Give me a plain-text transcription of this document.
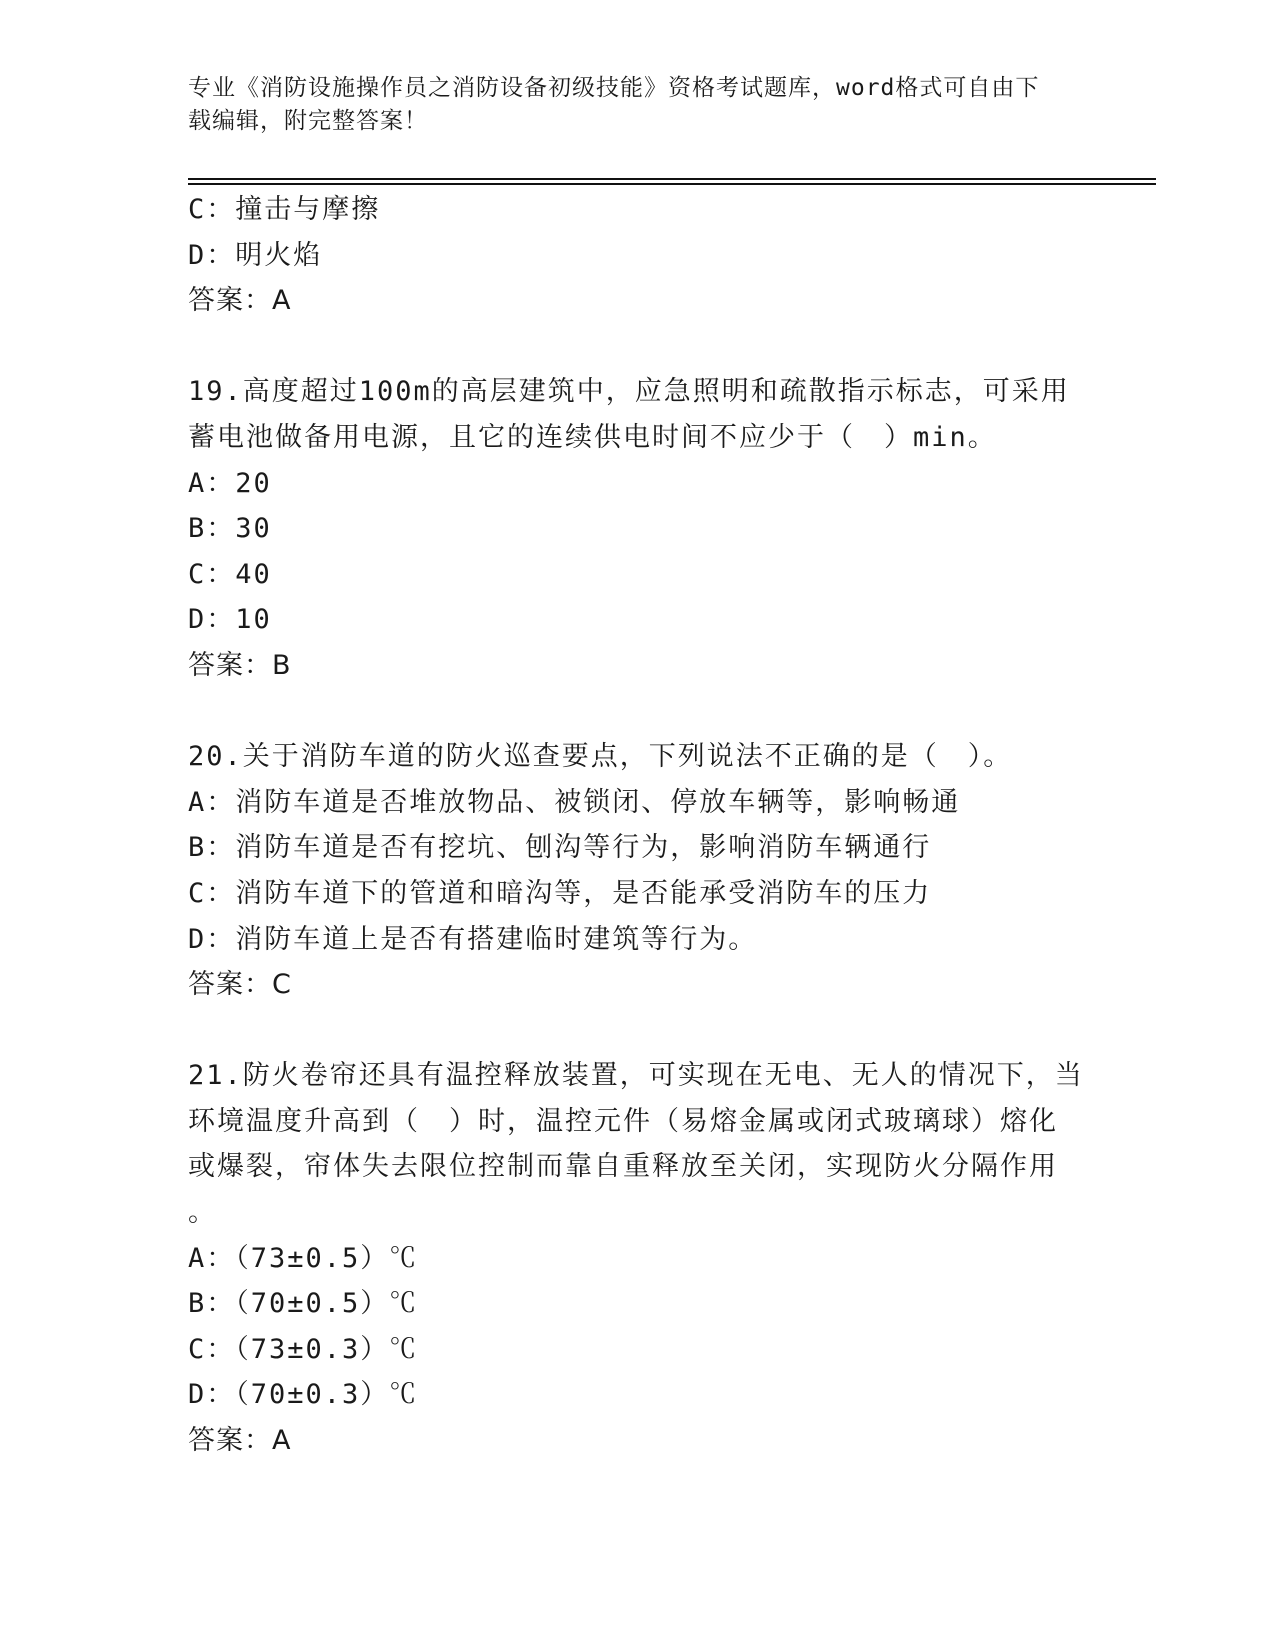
专业《消防设施操作员之消防设备初级技能》资格考试题库，word格式可自由下
载编辑，附完整答案！
C：撞击与摩擦
D：明火焰
答案：A
19.高度超过100m的高层建筑中，应急照明和疏散指示标志，可采用
蓄电池做备用电源，且它的连续供电时间不应少于（　）min。
A：20
B：30
C：40
D：10
答案：B
20.关于消防车道的防火巡查要点，下列说法不正确的是（　）。
A：消防车道是否堆放物品、被锁闭、停放车辆等，影响畅通
B：消防车道是否有挖坑、刨沟等行为，影响消防车辆通行
C：消防车道下的管道和暗沟等，是否能承受消防车的压力
D：消防车道上是否有搭建临时建筑等行为。
答案：C
21.防火卷帘还具有温控释放装置，可实现在无电、无人的情况下，当
环境温度升高到（　）时，温控元件（易熔金属或闭式玻璃球）熔化
或爆裂，帘体失去限位控制而靠自重释放至关闭，实现防火分隔作用
。
A：（73±0.5）℃
B：（70±0.5）℃
C：（73±0.3）℃
D：（70±0.3）℃
答案：A
